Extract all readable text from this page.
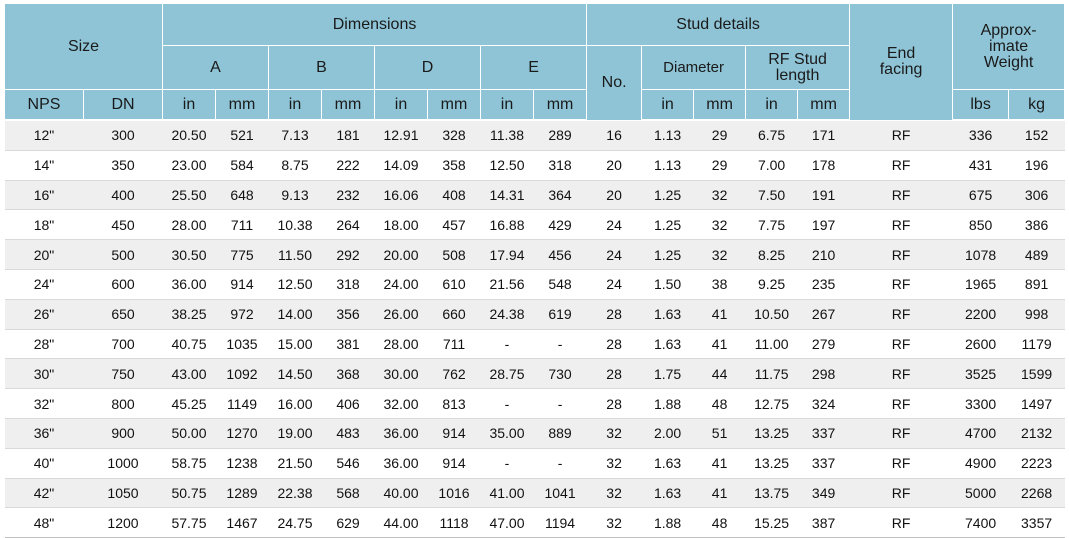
Size		Dimensions								Stud details					End facing	Approx-imate Weight	
		A		B		D		E		No.	Diameter		RF Stud length				
NPS	DN	in	mm	in	mm	in	mm	in	mm		in	mm	in	mm		lbs	kg
12"	300	20.50	521	7.13	181	12.91	328	11.38	289	16	1.13	29	6.75	171	RF	336	152
14"	350	23.00	584	8.75	222	14.09	358	12.50	318	20	1.13	29	7.00	178	RF	431	196
16"	400	25.50	648	9.13	232	16.06	408	14.31	364	20	1.25	32	7.50	191	RF	675	306
18"	450	28.00	711	10.38	264	18.00	457	16.88	429	24	1.25	32	7.75	197	RF	850	386
20"	500	30.50	775	11.50	292	20.00	508	17.94	456	24	1.25	32	8.25	210	RF	1078	489
24"	600	36.00	914	12.50	318	24.00	610	21.56	548	24	1.50	38	9.25	235	RF	1965	891
26"	650	38.25	972	14.00	356	26.00	660	24.38	619	28	1.63	41	10.50	267	RF	2200	998
28"	700	40.75	1035	15.00	381	28.00	711	-	-	28	1.63	41	11.00	279	RF	2600	1179
30"	750	43.00	1092	14.50	368	30.00	762	28.75	730	28	1.75	44	11.75	298	RF	3525	1599
32"	800	45.25	1149	16.00	406	32.00	813	-	-	28	1.88	48	12.75	324	RF	3300	1497
36"	900	50.00	1270	19.00	483	36.00	914	35.00	889	32	2.00	51	13.25	337	RF	4700	2132
40"	1000	58.75	1238	21.50	546	36.00	914	-	-	32	1.63	41	13.25	337	RF	4900	2223
42"	1050	50.75	1289	22.38	568	40.00	1016	41.00	1041	32	1.63	41	13.75	349	RF	5000	2268
48"	1200	57.75	1467	24.75	629	44.00	1118	47.00	1194	32	1.88	48	15.25	387	RF	7400	3357
